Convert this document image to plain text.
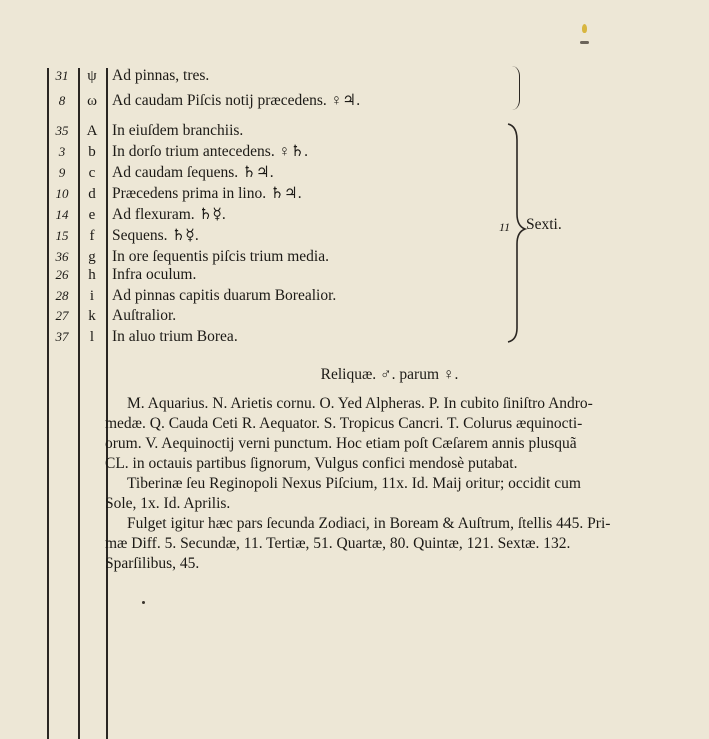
31	ψ Ad pinnas, tres.
8	ω Ad caudam Piſcis notij præcedens. ♀♃.
35	A In eiuſdem branchiis.
3	b	In dorſo trium antecedens. ♀♄.
9	c	Ad caudam ſequens. ♄♃.
10	d	Præcedens prima in lino. ♄♃.
14	e	Ad flexuram. ♄☿.
15	f	Sequens. ♄☿.
36	g	In ore ſequentis piſcis trium media.
26	h	Infra oculum.
28	i	Ad pinnas capitis duarum Borealior.
27	k	Auſtralior.
37	l	In aluo trium Borea.
11 Sexti.
Reliquæ. ♂. parum ♀.
M. Aquarius. N. Arietis cornu. O. Yed Alpheras. P. In cubito ſiniſtro Andro-
medæ. Q. Cauda Ceti R. Aequator. S. Tropicus Cancri. T. Colurus æquinocti-
orum. V. Aequinoctij verni punctum. Hoc etiam poſt Cæſarem annis plusquã
CL. in octauis partibus ſignorum, Vulgus confici mendosè putabat.
Tiberinæ ſeu Reginopoli Nexus Piſcium, 11x. Id. Maij oritur; occidit cum
Sole, 1x. Id. Aprilis.
Fulget igitur hæc pars ſecunda Zodiaci, in Boream & Auſtrum, ſtellis 445. Pri-
mæ Diff. 5. Secundæ, 11. Tertiæ, 51. Quartæ, 80. Quintæ, 121. Sextæ. 132.
Sparſilibus, 45.
